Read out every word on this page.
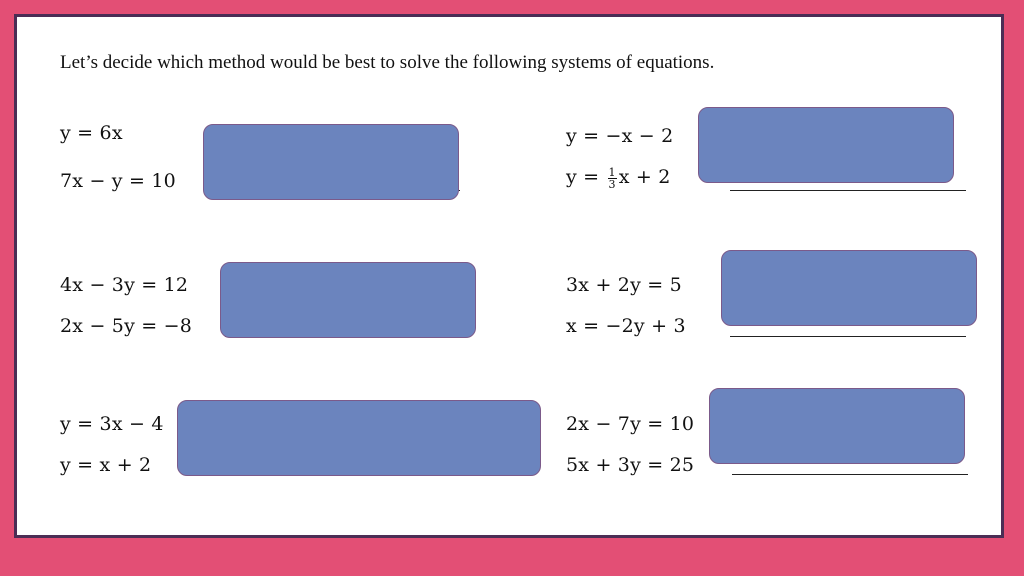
Let’s decide which method would be best to solve the following systems of equations.
y = 6x
7x − y = 10
y = −x − 2
$y = \frac{1}{3}$ x + 2
4x − 3y = 12
2x − 5y = −8
3x + 2y = 5
x = −2y + 3
y = 3x − 4
y = x + 2
2x − 7y = 10
5x + 3y = 25
